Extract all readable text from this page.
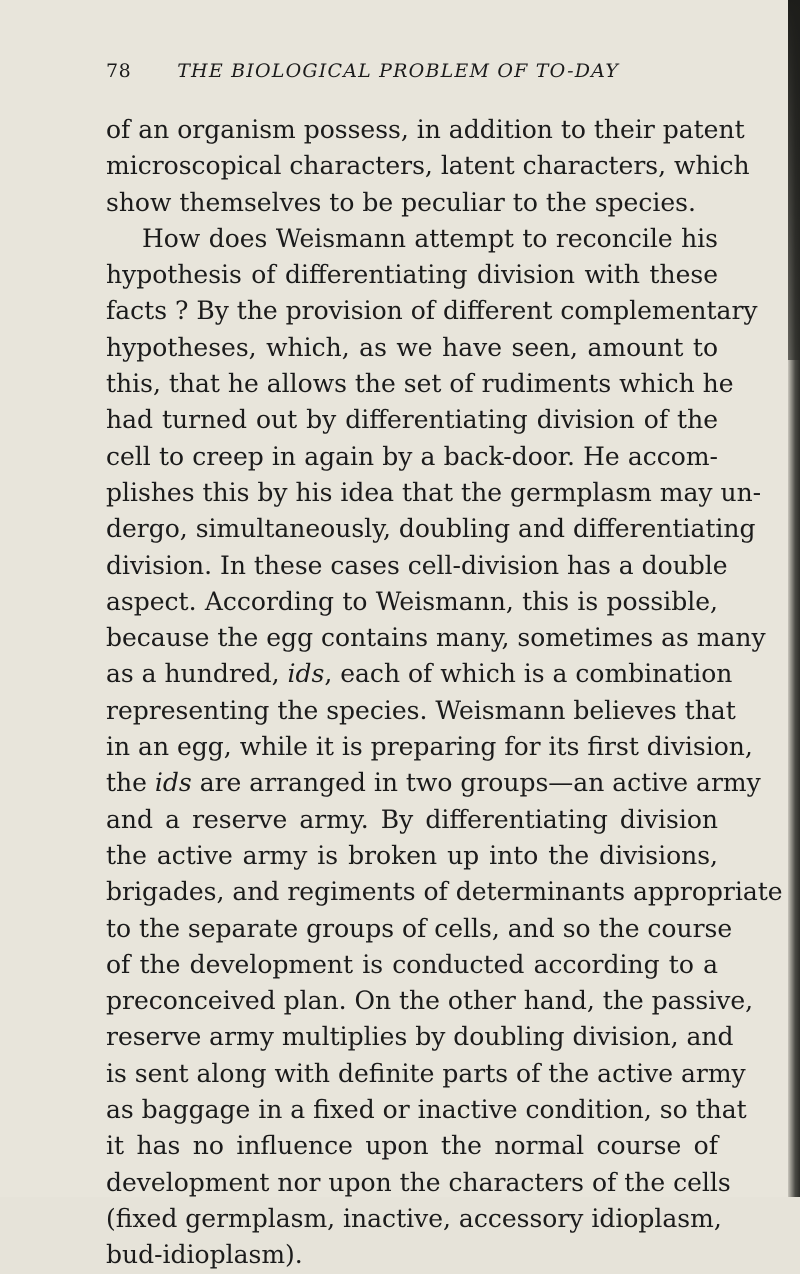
78 THE BIOLOGICAL PROBLEM OF TO-DAY
of an organism possess, in addition to their patent
microscopical characters, latent characters, which
show themselves to be peculiar to the species.
How does Weismann attempt to reconcile his
hypothesis of differentiating division with these
facts ? By the provision of different complementary
hypotheses, which, as we have seen, amount to
this, that he allows the set of rudiments which he
had turned out by differentiating division of the
cell to creep in again by a back-door. He accom-
plishes this by his idea that the germplasm may un-
dergo, simultaneously, doubling and differentiating
division. In these cases cell-division has a double
aspect. According to Weismann, this is possible,
because the egg contains many, sometimes as many
as a hundred, ids, each of which is a combination
representing the species. Weismann believes that
in an egg, while it is preparing for its first division,
the ids are arranged in two groups—an active army
and a reserve army. By differentiating division
the active army is broken up into the divisions,
brigades, and regiments of determinants appropriate
to the separate groups of cells, and so the course
of the development is conducted according to a
preconceived plan. On the other hand, the passive,
reserve army multiplies by doubling division, and
is sent along with definite parts of the active army
as baggage in a fixed or inactive condition, so that
it has no influence upon the normal course of
development nor upon the characters of the cells
(fixed germplasm, inactive, accessory idioplasm,
bud-idioplasm).
